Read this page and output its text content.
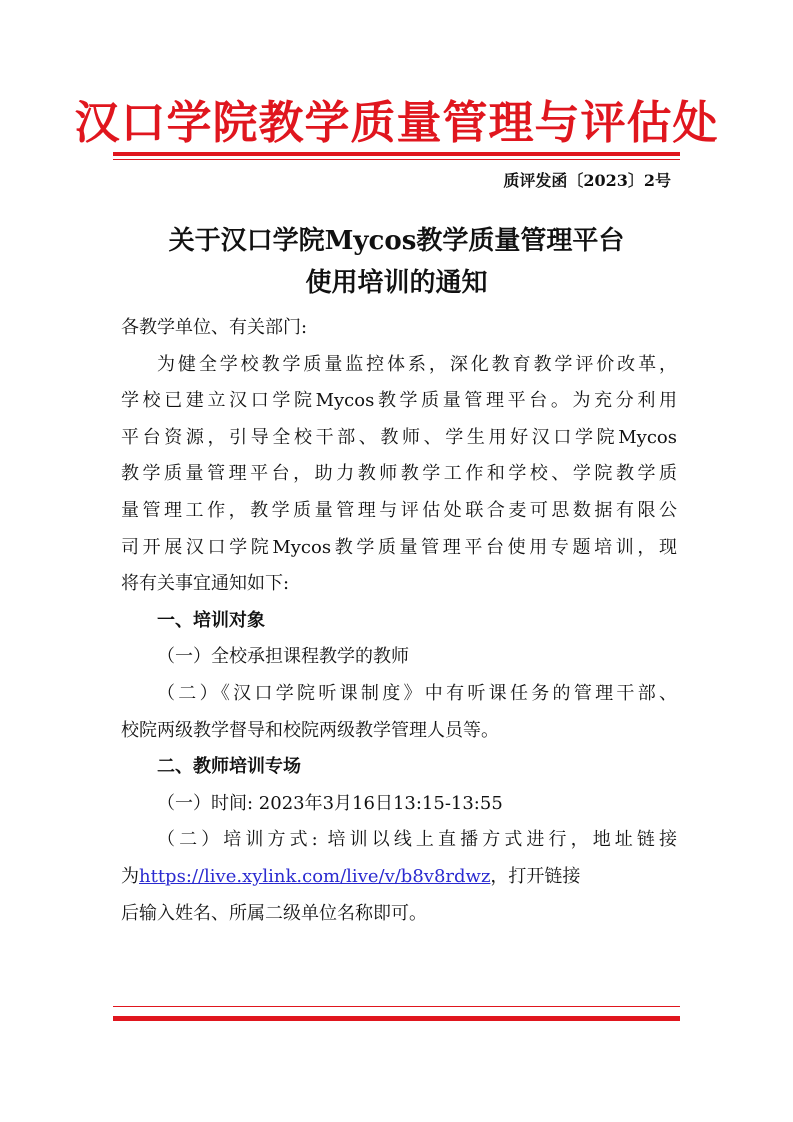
汉口学院教学质量管理与评估处
质评发函〔2023〕2号
关于汉口学院Mycos教学质量管理平台
使用培训的通知
各教学单位、有关部门:
为健全学校教学质量监控体系，深化教育教学评价改革，
学校已建立汉口学院Mycos教学质量管理平台。为充分利用
平台资源，引导全校干部、教师、学生用好汉口学院Mycos
教学质量管理平台，助力教师教学工作和学校、学院教学质
量管理工作，教学质量管理与评估处联合麦可思数据有限公
司开展汉口学院Mycos教学质量管理平台使用专题培训，现
将有关事宜通知如下:
一、培训对象
（一）全校承担课程教学的教师
（二）《汉口学院听课制度》中有听课任务的管理干部、
校院两级教学督导和校院两级教学管理人员等。
二、教师培训专场
（一）时间: 2023年3月16日13:15-13:55
（二）培训方式: 培训以线上直播方式进行，地址链接
为https://live.xylink.com/live/v/b8v8rdwz，打开链接
后输入姓名、所属二级单位名称即可。
